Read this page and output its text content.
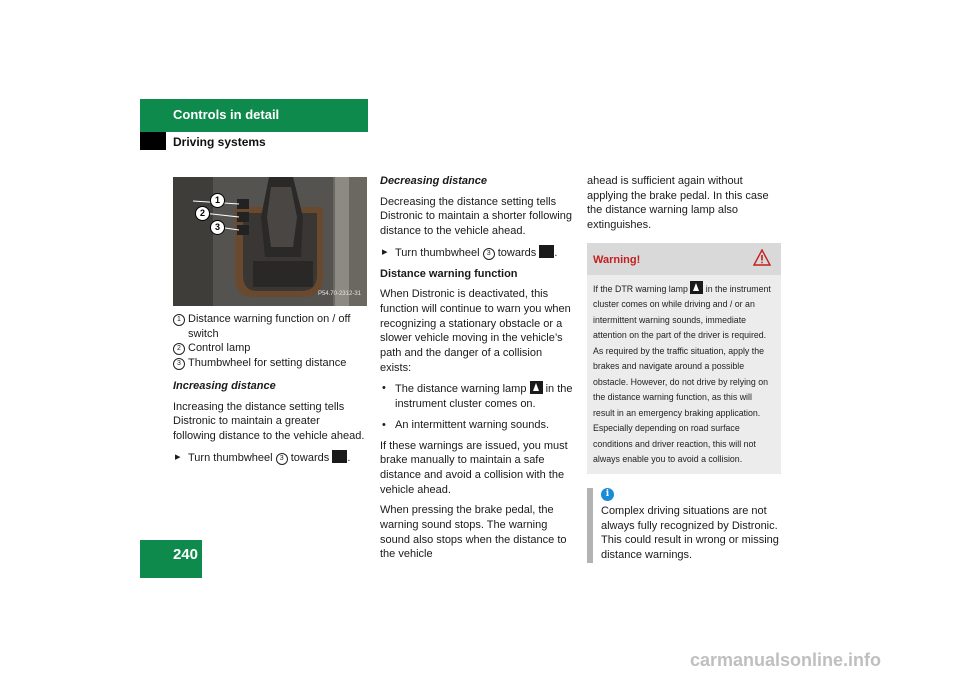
Controls in detail
Driving systems
1
2
3
P54.70-2312-31
1 Distance warning function on / off switch
2 Control lamp
3 Thumbwheel for setting distance

Increasing distance

Increasing the distance setting tells Distronic to maintain a greater following distance to the vehicle ahead.

▸ Turn thumbwheel 3 towards .

Decreasing distance

Decreasing the distance setting tells Distronic to maintain a shorter following distance to the vehicle ahead.

▸ Turn thumbwheel 3 towards .

Distance warning function

When Distronic is deactivated, this function will continue to warn you when recognizing a stationary obstacle or a slower vehicle moving in the vehicle’s path and the danger of a collision exists:

• The distance warning lamp in the instrument cluster comes on.

• An intermittent warning sounds.

If these warnings are issued, you must brake manually to maintain a safe distance and avoid a collision with the vehicle ahead.

When pressing the brake pedal, the warning sound stops. The warning sound also stops when the distance to the vehicle

ahead is sufficient again without applying the brake pedal. In this case the distance warning lamp also extinguishes.

Warning!
If the DTR warning lamp in the instrument cluster comes on while driving and / or an intermittent warning sounds, immediate attention on the part of the driver is required. As required by the traffic situation, apply the brakes and navigate around a possible obstacle. However, do not drive by relying on the distance warning function, as this will result in an emergency braking application. Especially depending on road surface conditions and driver reaction, this will not always enable you to avoid a collision.
i
Complex driving situations are not always fully recognized by Distronic. This could result in wrong or missing distance warnings.
240
carmanualsonline.info
